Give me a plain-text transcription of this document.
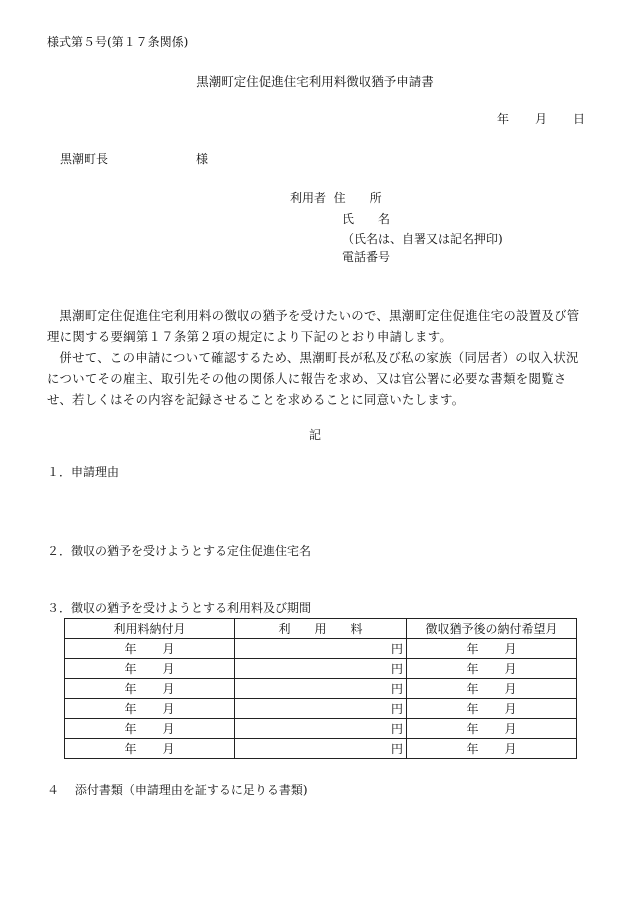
様式第５号(第１７条関係)
黒潮町定住促進住宅利用料徴収猶予申請書
年 月 日
黒潮町長	様
利用者 住　　所
氏　　名
（氏名は、自署又は記名押印)
電話番号
黒潮町定住促進住宅利用料の徴収の猶予を受けたいので、黒潮町定住促進住宅の設置及び管理に関する要綱第１７条第２項の規定により下記のとおり申請します。
併せて、この申請について確認するため、黒潮町長が私及び私の家族（同居者）の収入状況についてその雇主、取引先その他の関係人に報告を求め、又は官公署に必要な書類を閲覧させ、若しくはその内容を記録させることを求めることに同意いたします。
記
１．申請理由
２．徴収の猶予を受けようとする定住促進住宅名
３．徴収の猶予を受けようとする利用料及び期間
利用料納付月	利　　用　　料	徴収猶予後の納付希望月
年 月	円	年 月
年 月	円	年 月
年 月	円	年 月
年 月	円	年 月
年 月	円	年 月
年 月	円	年 月
４　 添付書類（申請理由を証するに足りる書類)
